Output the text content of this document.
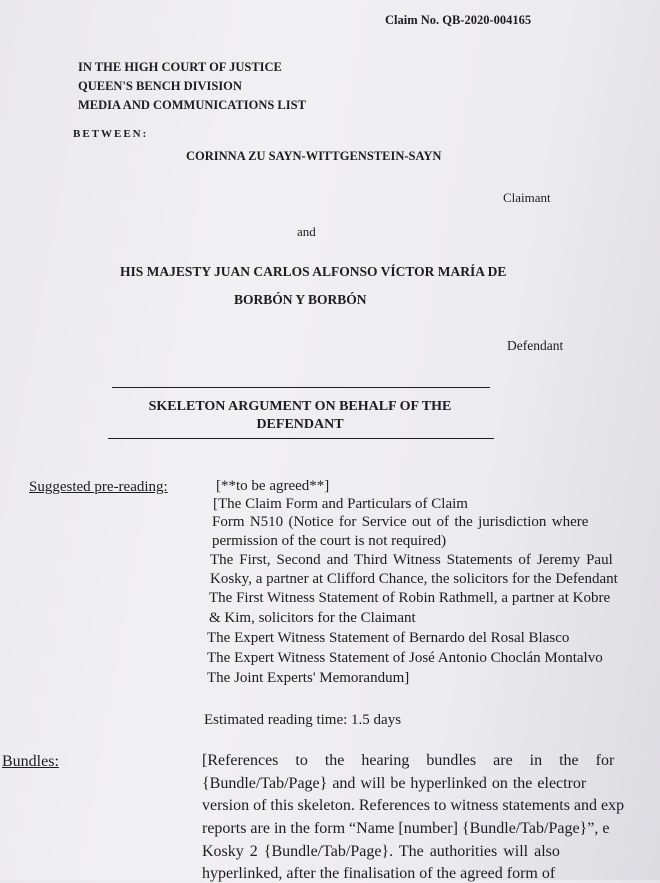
Claim No. QB-2020-004165
IN THE HIGH COURT OF JUSTICE
QUEEN'S BENCH DIVISION
MEDIA AND COMMUNICATIONS LIST
BETWEEN:
CORINNA ZU SAYN-WITTGENSTEIN-SAYN
Claimant
and
HIS MAJESTY JUAN CARLOS ALFONSO VÍCTOR MARÍA DE
BORBÓN Y BORBÓN
Defendant
SKELETON ARGUMENT ON BEHALF OF THE
DEFENDANT
Suggested pre-reading:	[**to be agreed**]
[The Claim Form and Particulars of Claim
Form N510 (Notice for Service out of the jurisdiction where
permission of the court is not required)
The First, Second and Third Witness Statements of Jeremy Paul
Kosky, a partner at Clifford Chance, the solicitors for the Defendant
The First Witness Statement of Robin Rathmell, a partner at Kobre
& Kim, solicitors for the Claimant
The Expert Witness Statement of Bernardo del Rosal Blasco
The Expert Witness Statement of José Antonio Choclán Montalvo
The Joint Experts' Memorandum]
Estimated reading time: 1.5 days
Bundles:	[References to the hearing bundles are in the for
{Bundle/Tab/Page} and will be hyperlinked on the electror
version of this skeleton. References to witness statements and exp
reports are in the form “Name [number] {Bundle/Tab/Page}”, e
Kosky 2 {Bundle/Tab/Page}. The authorities will also
hyperlinked, after the finalisation of the agreed form of
